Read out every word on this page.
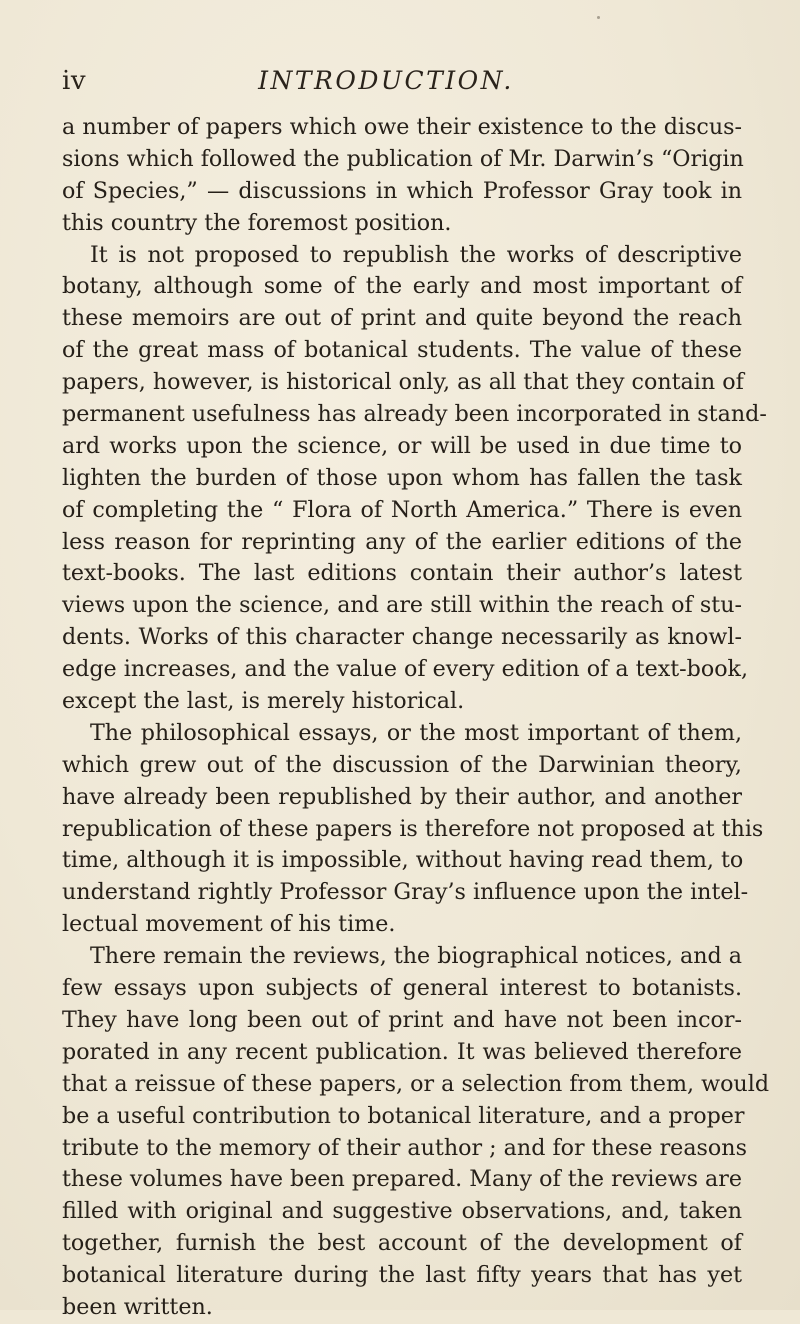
iv	INTRODUCTION.
a number of papers which owe their existence to the discus-
sions which followed the publication of Mr. Darwin’s “Origin
of Species,” — discussions in which Professor Gray took in
this country the foremost position.
It is not proposed to republish the works of descriptive
botany, although some of the early and most important of
these memoirs are out of print and quite beyond the reach
of the great mass of botanical students. The value of these
papers, however, is historical only, as all that they contain of
permanent usefulness has already been incorporated in stand-
ard works upon the science, or will be used in due time to
lighten the burden of those upon whom has fallen the task
of completing the “ Flora of North America.” There is even
less reason for reprinting any of the earlier editions of the
text-books. The last editions contain their author’s latest
views upon the science, and are still within the reach of stu-
dents. Works of this character change necessarily as knowl-
edge increases, and the value of every edition of a text-book,
except the last, is merely historical.
The philosophical essays, or the most important of them,
which grew out of the discussion of the Darwinian theory,
have already been republished by their author, and another
republication of these papers is therefore not proposed at this
time, although it is impossible, without having read them, to
understand rightly Professor Gray’s influence upon the intel-
lectual movement of his time.
There remain the reviews, the biographical notices, and a
few essays upon subjects of general interest to botanists.
They have long been out of print and have not been incor-
porated in any recent publication. It was believed therefore
that a reissue of these papers, or a selection from them, would
be a useful contribution to botanical literature, and a proper
tribute to the memory of their author ; and for these reasons
these volumes have been prepared. Many of the reviews are
filled with original and suggestive observations, and, taken
together, furnish the best account of the development of
botanical literature during the last fifty years that has yet
been written.
